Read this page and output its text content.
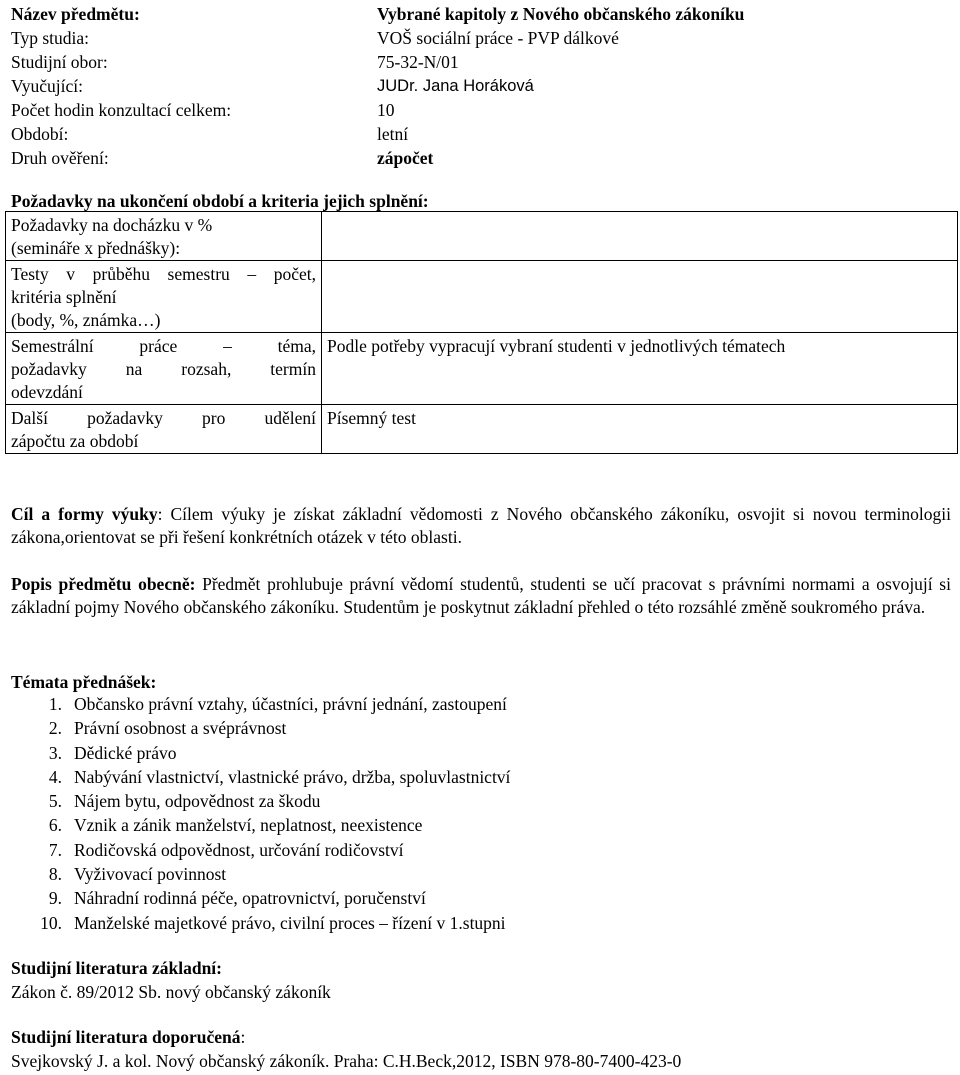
Název předmětu:	Vybrané kapitoly z Nového občanského zákoníku
Typ studia:	VOŠ sociální práce - PVP dálkové
Studijní obor:	75-32-N/01
Vyučující:	JUDr. Jana Horáková
Počet hodin konzultací celkem:	10
Období:	letní
Druh ověření:	zápočet
Požadavky na ukončení období a kriteria jejich splnění:
Požadavky na docházku v %
(semináře x přednášky):	

Testy v průběhu semestru – počet,
kritéria splnění
(body, %, známka…)	

Semestrální práce – téma,
požadavky na rozsah, termín
odevzdání	Podle potřeby vypracují vybraní studenti v jednotlivých tématech

Další požadavky pro udělení
zápočtu za období	Písemný test
Cíl a formy výuky: Cílem výuky je získat základní vědomosti z Nového občanského zákoníku, osvojit si novou terminologii zákona,orientovat se při řešení konkrétních otázek v této oblasti.
Popis předmětu obecně: Předmět prohlubuje právní vědomí studentů, studenti se učí pracovat s právními normami a osvojují si základní pojmy Nového občanského zákoníku. Studentům je poskytnut základní přehled o této rozsáhlé změně soukromého práva.
Témata přednášek:
1. Občansko právní vztahy, účastníci, právní jednání, zastoupení
2. Právní osobnost a svéprávnost
3. Dědické právo
4. Nabývání vlastnictví, vlastnické právo, držba, spoluvlastnictví
5. Nájem bytu, odpovědnost za škodu
6. Vznik a zánik manželství, neplatnost, neexistence
7. Rodičovská odpovědnost, určování rodičovství
8. Vyživovací povinnost
9. Náhradní rodinná péče, opatrovnictví, poručenství
10. Manželské majetkové právo, civilní proces – řízení v 1.stupni
Studijní literatura základní:
Zákon č. 89/2012 Sb. nový občanský zákoník
Studijní literatura doporučená:
Svejkovský J. a kol. Nový občanský zákoník. Praha: C.H.Beck,2012, ISBN 978-80-7400-423-0
